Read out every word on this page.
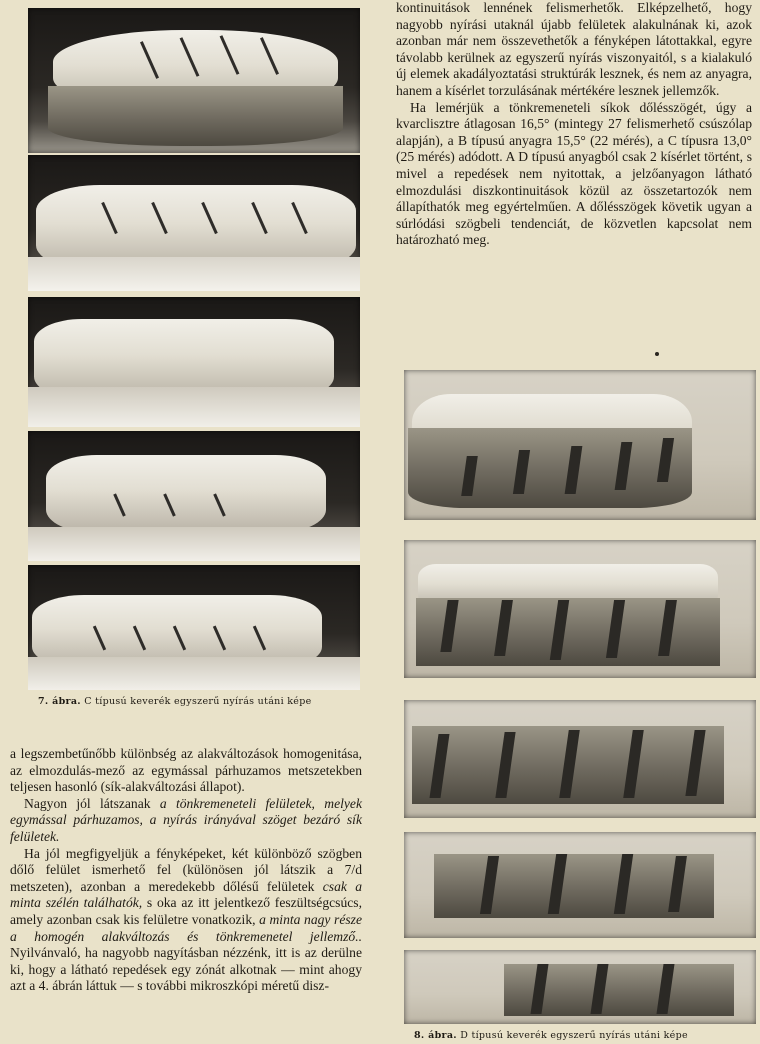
7. ábra. C típusú keverék egyszerű nyírás utáni képe

a legszembetűnőbb különbség az alakváltozások homogenitása, az elmozdulás-mező az egymással párhuzamos metszetekben teljesen hasonló (sík-alakváltozási állapot).

Nagyon jól látszanak a tönkremeneteli felületek, melyek egymással párhuzamos, a nyírás irányával szöget bezáró sík felületek.

Ha jól megfigyeljük a fényképeket, két különböző szögben dőlő felület ismerhető fel (különösen jól látszik a 7/d metszeten), azonban a meredekebb dőlésű felületek csak a minta szélén találhatók, s oka az itt jelentkező feszültségcsúcs, amely azonban csak kis felületre vonatkozik, a minta nagy része a homogén alakváltozás és tönkremenetel jellemző.. Nyilvánvaló, ha nagyobb nagyításban nézzénk, itt is az derülne ki, hogy a látható repedések egy zónát alkotnak — mint ahogy azt a 4. ábrán láttuk — s további mikroszkópi méretű disz-

kontinuitások lennének felismerhetők. Elképzelhető, hogy nagyobb nyírási utaknál újabb felületek alakulnának ki, azok azonban már nem összevethetők a fényképen látottakkal, egyre távolabb kerülnek az egyszerű nyírás viszonyaitól, s a kialakuló új elemek akadályoztatási struktúrák lesznek, és nem az anyagra, hanem a kísérlet torzulásának mértékére lesznek jellemzők.

Ha lemérjük a tönkremeneteli síkok dőlésszögét, úgy a kvarclisztre átlagosan 16,5° (mintegy 27 felismerhető csúszólap alapján), a B típusú anyagra 15,5° (22 mérés), a C típusra 13,0° (25 mérés) adódott. A D típusú anyagból csak 2 kísérlet történt, s mivel a repedések nem nyitottak, a jelzőanyagon látható elmozdulási diszkontinuitások közül az összetartozók nem állapíthatók meg egyértelműen. A dőlésszögek követik ugyan a súrlódási szögbeli tendenciát, de közvetlen kapcsolat nem határozható meg.

8. ábra. D típusú keverék egyszerű nyírás utáni képe
